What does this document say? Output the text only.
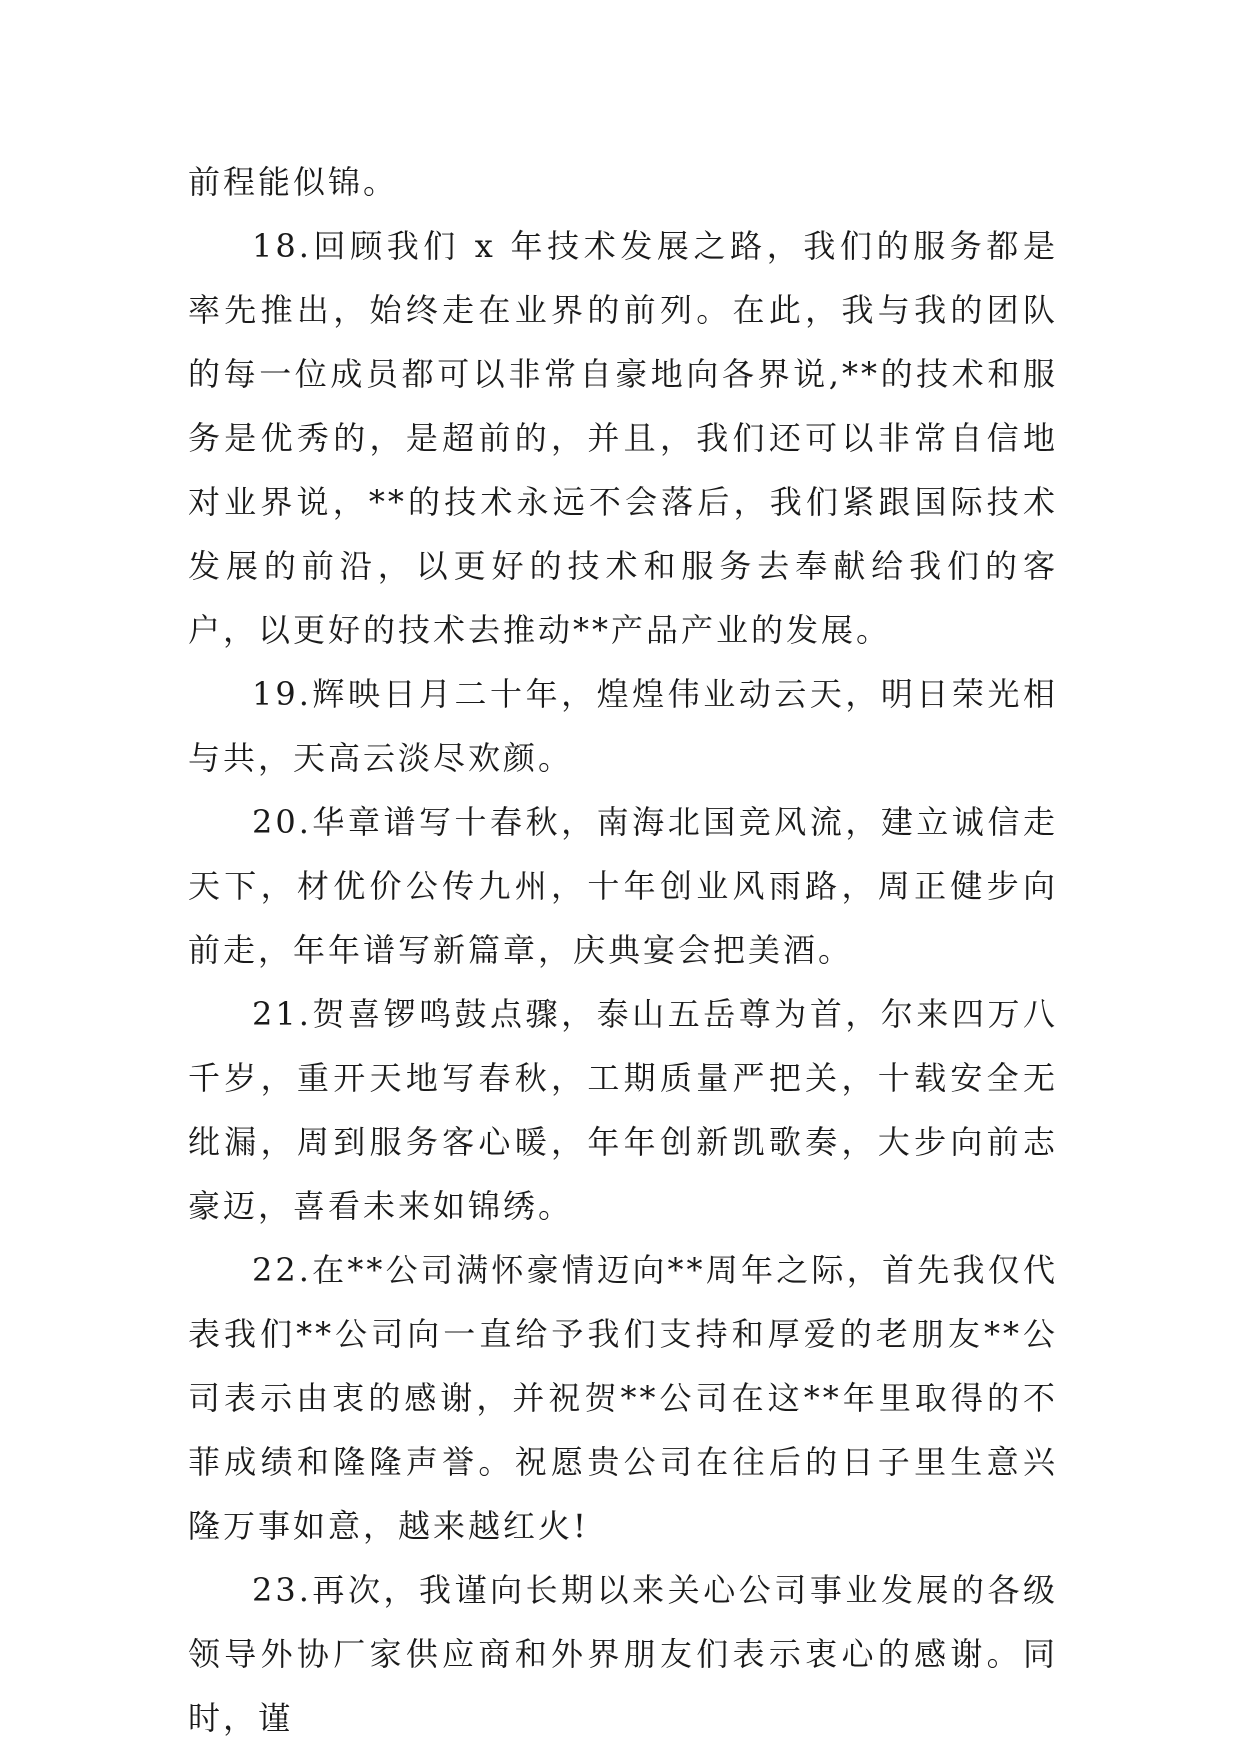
前程能似锦。

18.回顾我们 x 年技术发展之路，我们的服务都是率先推出，始终走在业界的前列。在此，我与我的团队的每一位成员都可以非常自豪地向各界说,**的技术和服务是优秀的，是超前的，并且，我们还可以非常自信地对业界说，**的技术永远不会落后，我们紧跟国际技术发展的前沿，以更好的技术和服务去奉献给我们的客户，以更好的技术去推动**产品产业的发展。

19.辉映日月二十年，煌煌伟业动云天，明日荣光相与共，天高云淡尽欢颜。

20.华章谱写十春秋，南海北国竞风流，建立诚信走天下，材优价公传九州，十年创业风雨路，周正健步向前走，年年谱写新篇章，庆典宴会把美酒。

21.贺喜锣鸣鼓点骤，泰山五岳尊为首，尔来四万八千岁，重开天地写春秋，工期质量严把关，十载安全无纰漏，周到服务客心暖，年年创新凯歌奏，大步向前志豪迈，喜看未来如锦绣。

22.在**公司满怀豪情迈向**周年之际，首先我仅代表我们**公司向一直给予我们支持和厚爱的老朋友**公司表示由衷的感谢，并祝贺**公司在这**年里取得的不菲成绩和隆隆声誉。祝愿贵公司在往后的日子里生意兴隆万事如意，越来越红火!

23.再次，我谨向长期以来关心公司事业发展的各级领导外协厂家供应商和外界朋友们表示衷心的感谢。同时，谨
